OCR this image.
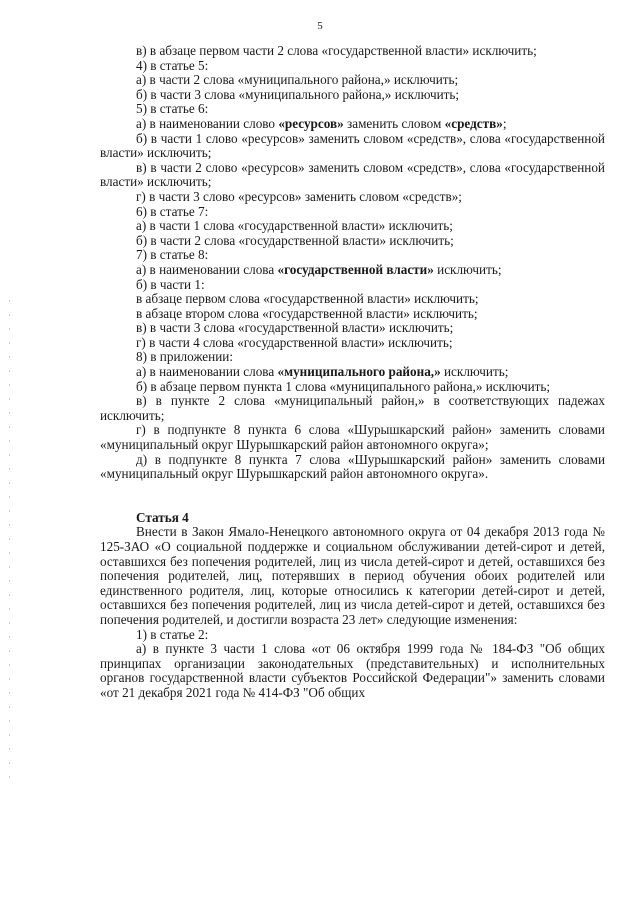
5

в) в абзаце первом части 2 слова «государственной власти» исключить;

4) в статье 5:

а) в части 2 слова «муниципального района,» исключить;

б) в части 3 слова «муниципального района,» исключить;

5) в статье 6:

а) в наименовании слово «ресурсов» заменить словом «средств»;

б) в части 1 слово «ресурсов» заменить словом «средств», слова «государственной власти» исключить;

в) в части 2 слово «ресурсов» заменить словом «средств», слова «государственной власти» исключить;

г) в части 3 слово «ресурсов» заменить словом «средств»;

6) в статье 7:

а) в части 1 слова «государственной власти» исключить;

б) в части 2 слова «государственной власти» исключить;

7) в статье 8:

а) в наименовании слова «государственной власти» исключить;

б) в части 1:

в абзаце первом слова «государственной власти» исключить;

в абзаце втором слова «государственной власти» исключить;

в) в части 3 слова «государственной власти» исключить;

г) в части 4 слова «государственной власти» исключить;

8) в приложении:

а) в наименовании слова «муниципального района,» исключить;

б) в абзаце первом пункта 1 слова «муниципального района,» исключить;

в) в пункте 2 слова «муниципальный район,» в соответствующих падежах исключить;

г) в подпункте 8 пункта 6 слова «Шурышкарский район» заменить словами «муниципальный округ Шурышкарский район автономного округа»;

д) в подпункте 8 пункта 7 слова «Шурышкарский район» заменить словами «муниципальный округ Шурышкарский район автономного округа».

Статья 4

Внести в Закон Ямало-Ненецкого автономного округа от 04 декабря 2013 года № 125-ЗАО «О социальной поддержке и социальном обслуживании детей-сирот и детей, оставшихся без попечения родителей, лиц из числа детей-сирот и детей, оставшихся без попечения родителей, лиц, потерявших в период обучения обоих родителей или единственного родителя, лиц, которые относились к категории детей-сирот и детей, оставшихся без попечения родителей, лиц из числа детей-сирот и детей, оставшихся без попечения родителей, и достигли возраста 23 лет» следующие изменения:

1) в статье 2:

а) в пункте 3 части 1 слова «от 06 октября 1999 года № 184-ФЗ "Об общих принципах организации законодательных (представительных) и исполнительных органов государственной власти субъектов Российской Федерации"» заменить словами «от 21 декабря 2021 года № 414-ФЗ "Об общих
